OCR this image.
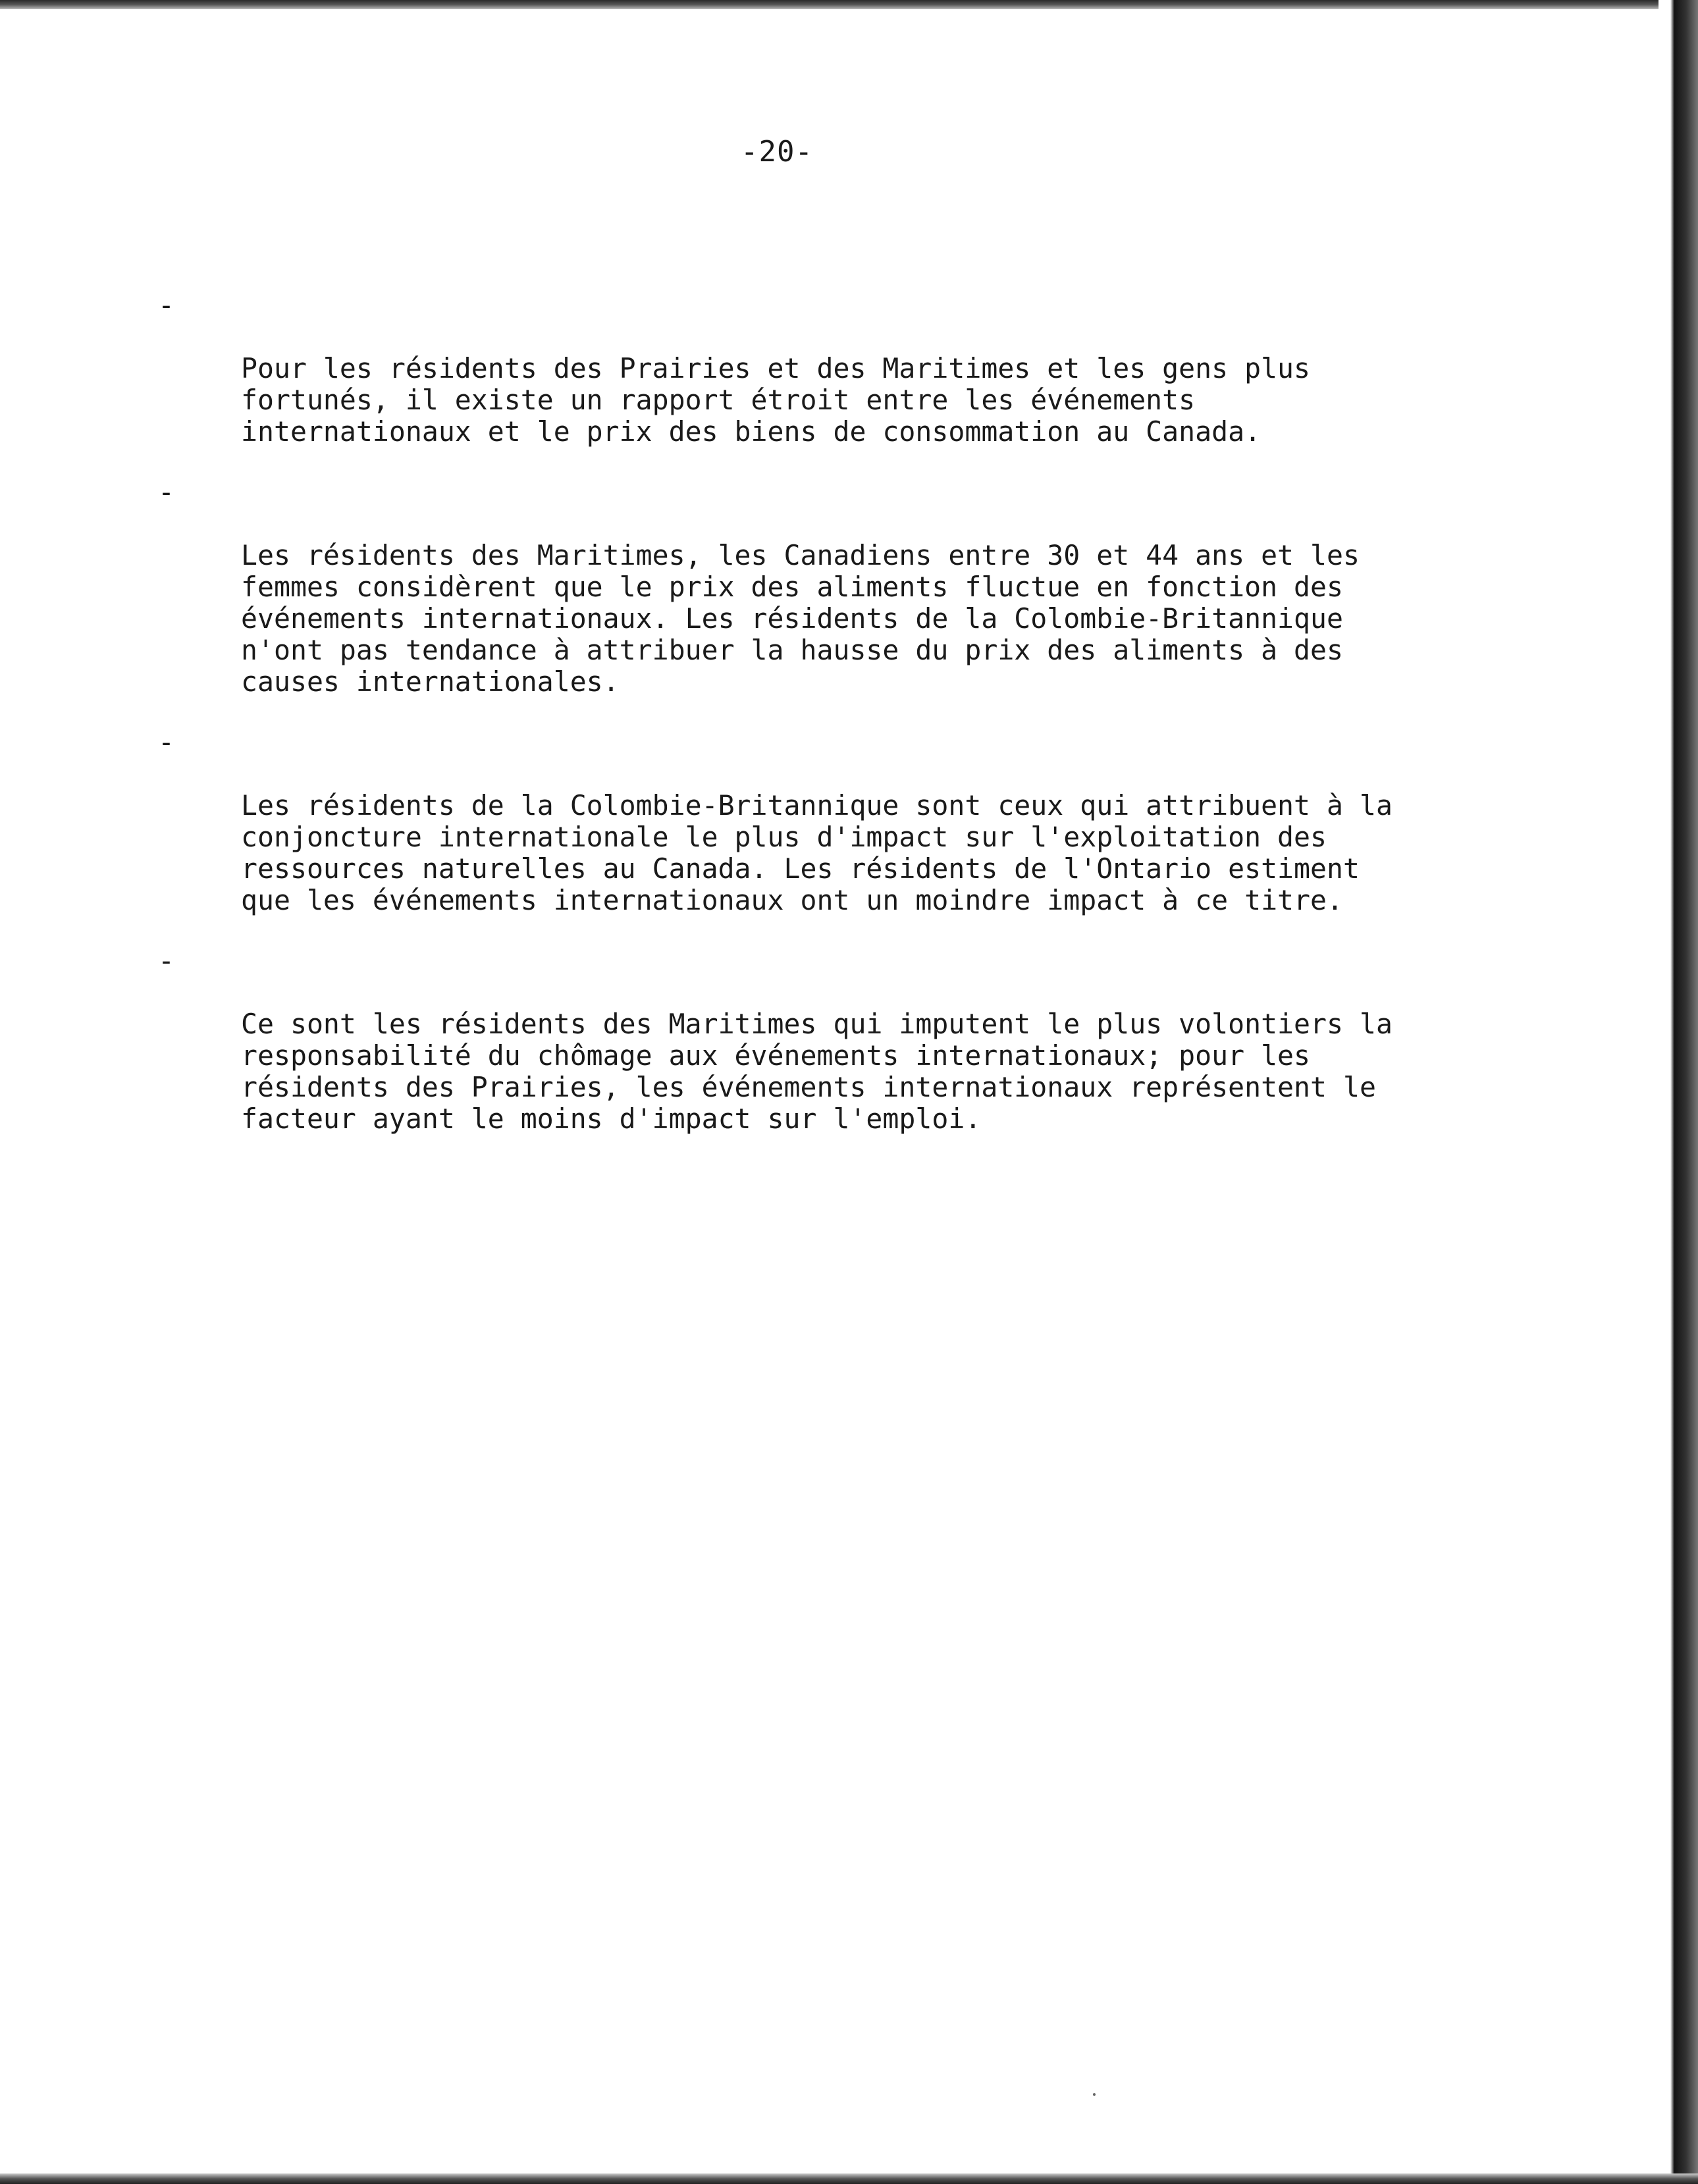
-20-

-

Pour les résidents des Prairies et des Maritimes et les gens plus
fortunés, il existe un rapport étroit entre les événements
internationaux et le prix des biens de consommation au Canada.

-

Les résidents des Maritimes, les Canadiens entre 30 et 44 ans et les
femmes considèrent que le prix des aliments fluctue en fonction des
événements internationaux. Les résidents de la Colombie-Britannique
n'ont pas tendance à attribuer la hausse du prix des aliments à des
causes internationales.

-

Les résidents de la Colombie-Britannique sont ceux qui attribuent à la
conjoncture internationale le plus d'impact sur l'exploitation des
ressources naturelles au Canada. Les résidents de l'Ontario estiment
que les événements internationaux ont un moindre impact à ce titre.

-

Ce sont les résidents des Maritimes qui imputent le plus volontiers la
responsabilité du chômage aux événements internationaux; pour les
résidents des Prairies, les événements internationaux représentent le
facteur ayant le moins d'impact sur l'emploi.
